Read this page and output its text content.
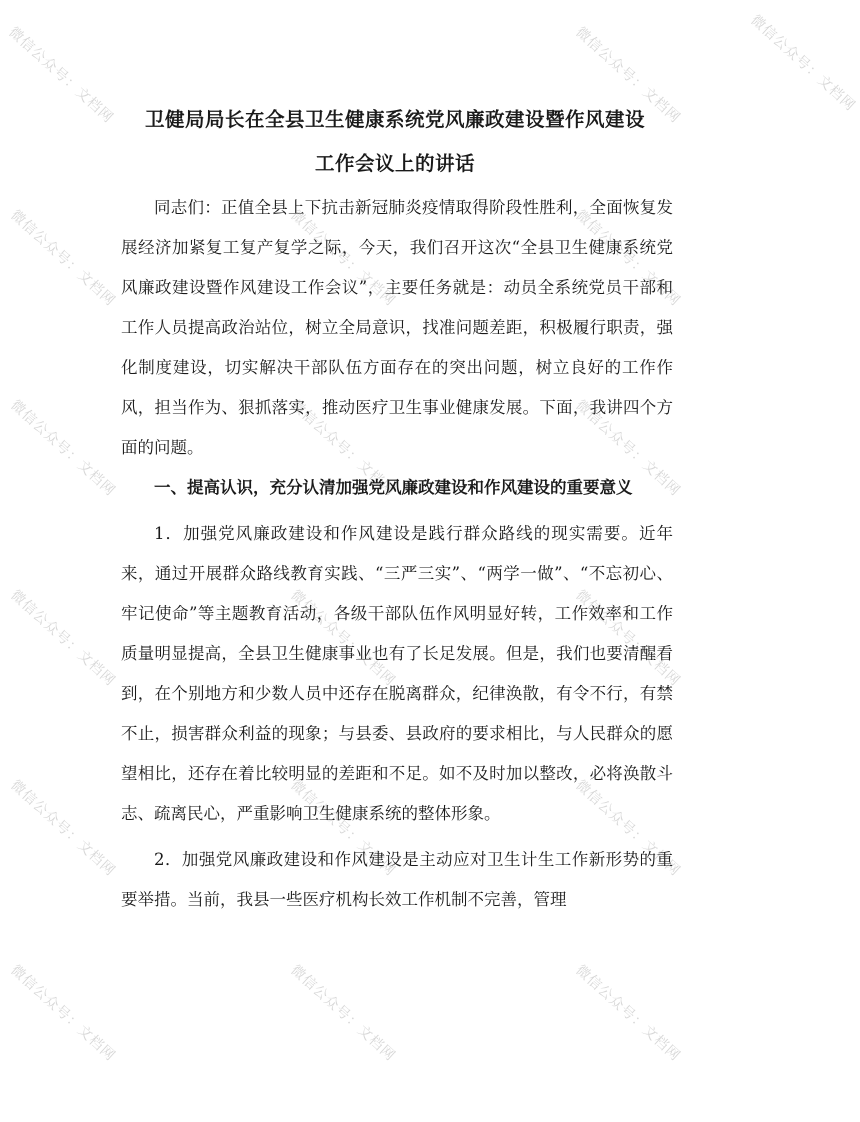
微信公众号：文档网	微信公众号：文档网	微信公众号：文档网
微信公众号：文档网	微信公众号：文档网	微信公众号：文档网
微信公众号：文档网	微信公众号：文档网	微信公众号：文档网
微信公众号：文档网	微信公众号：文档网	微信公众号：文档网
微信公众号：文档网	微信公众号：文档网	微信公众号：文档网
微信公众号：文档网	微信公众号：文档网	微信公众号：文档网
卫健局局长在全县卫生健康系统党风廉政建设暨作风建设
工作会议上的讲话

同志们：正值全县上下抗击新冠肺炎疫情取得阶段性胜利，全面恢复发展经济加紧复工复产复学之际，今天，我们召开这次“全县卫生健康系统党风廉政建设暨作风建设工作会议”，主要任务就是：动员全系统党员干部和工作人员提高政治站位，树立全局意识，找准问题差距，积极履行职责，强化制度建设，切实解决干部队伍方面存在的突出问题，树立良好的工作作风，担当作为、狠抓落实，推动医疗卫生事业健康发展。下面，我讲四个方面的问题。

一、提高认识，充分认清加强党风廉政建设和作风建设的重要意义

1．加强党风廉政建设和作风建设是践行群众路线的现实需要。近年来，通过开展群众路线教育实践、“三严三实”、“两学一做”、“不忘初心、牢记使命”等主题教育活动，各级干部队伍作风明显好转，工作效率和工作质量明显提高，全县卫生健康事业也有了长足发展。但是，我们也要清醒看到，在个别地方和少数人员中还存在脱离群众，纪律涣散，有令不行，有禁不止，损害群众利益的现象；与县委、县政府的要求相比，与人民群众的愿望相比，还存在着比较明显的差距和不足。如不及时加以整改，必将涣散斗志、疏离民心，严重影响卫生健康系统的整体形象。

2．加强党风廉政建设和作风建设是主动应对卫生计生工作新形势的重要举措。当前，我县一些医疗机构长效工作机制不完善，管理
